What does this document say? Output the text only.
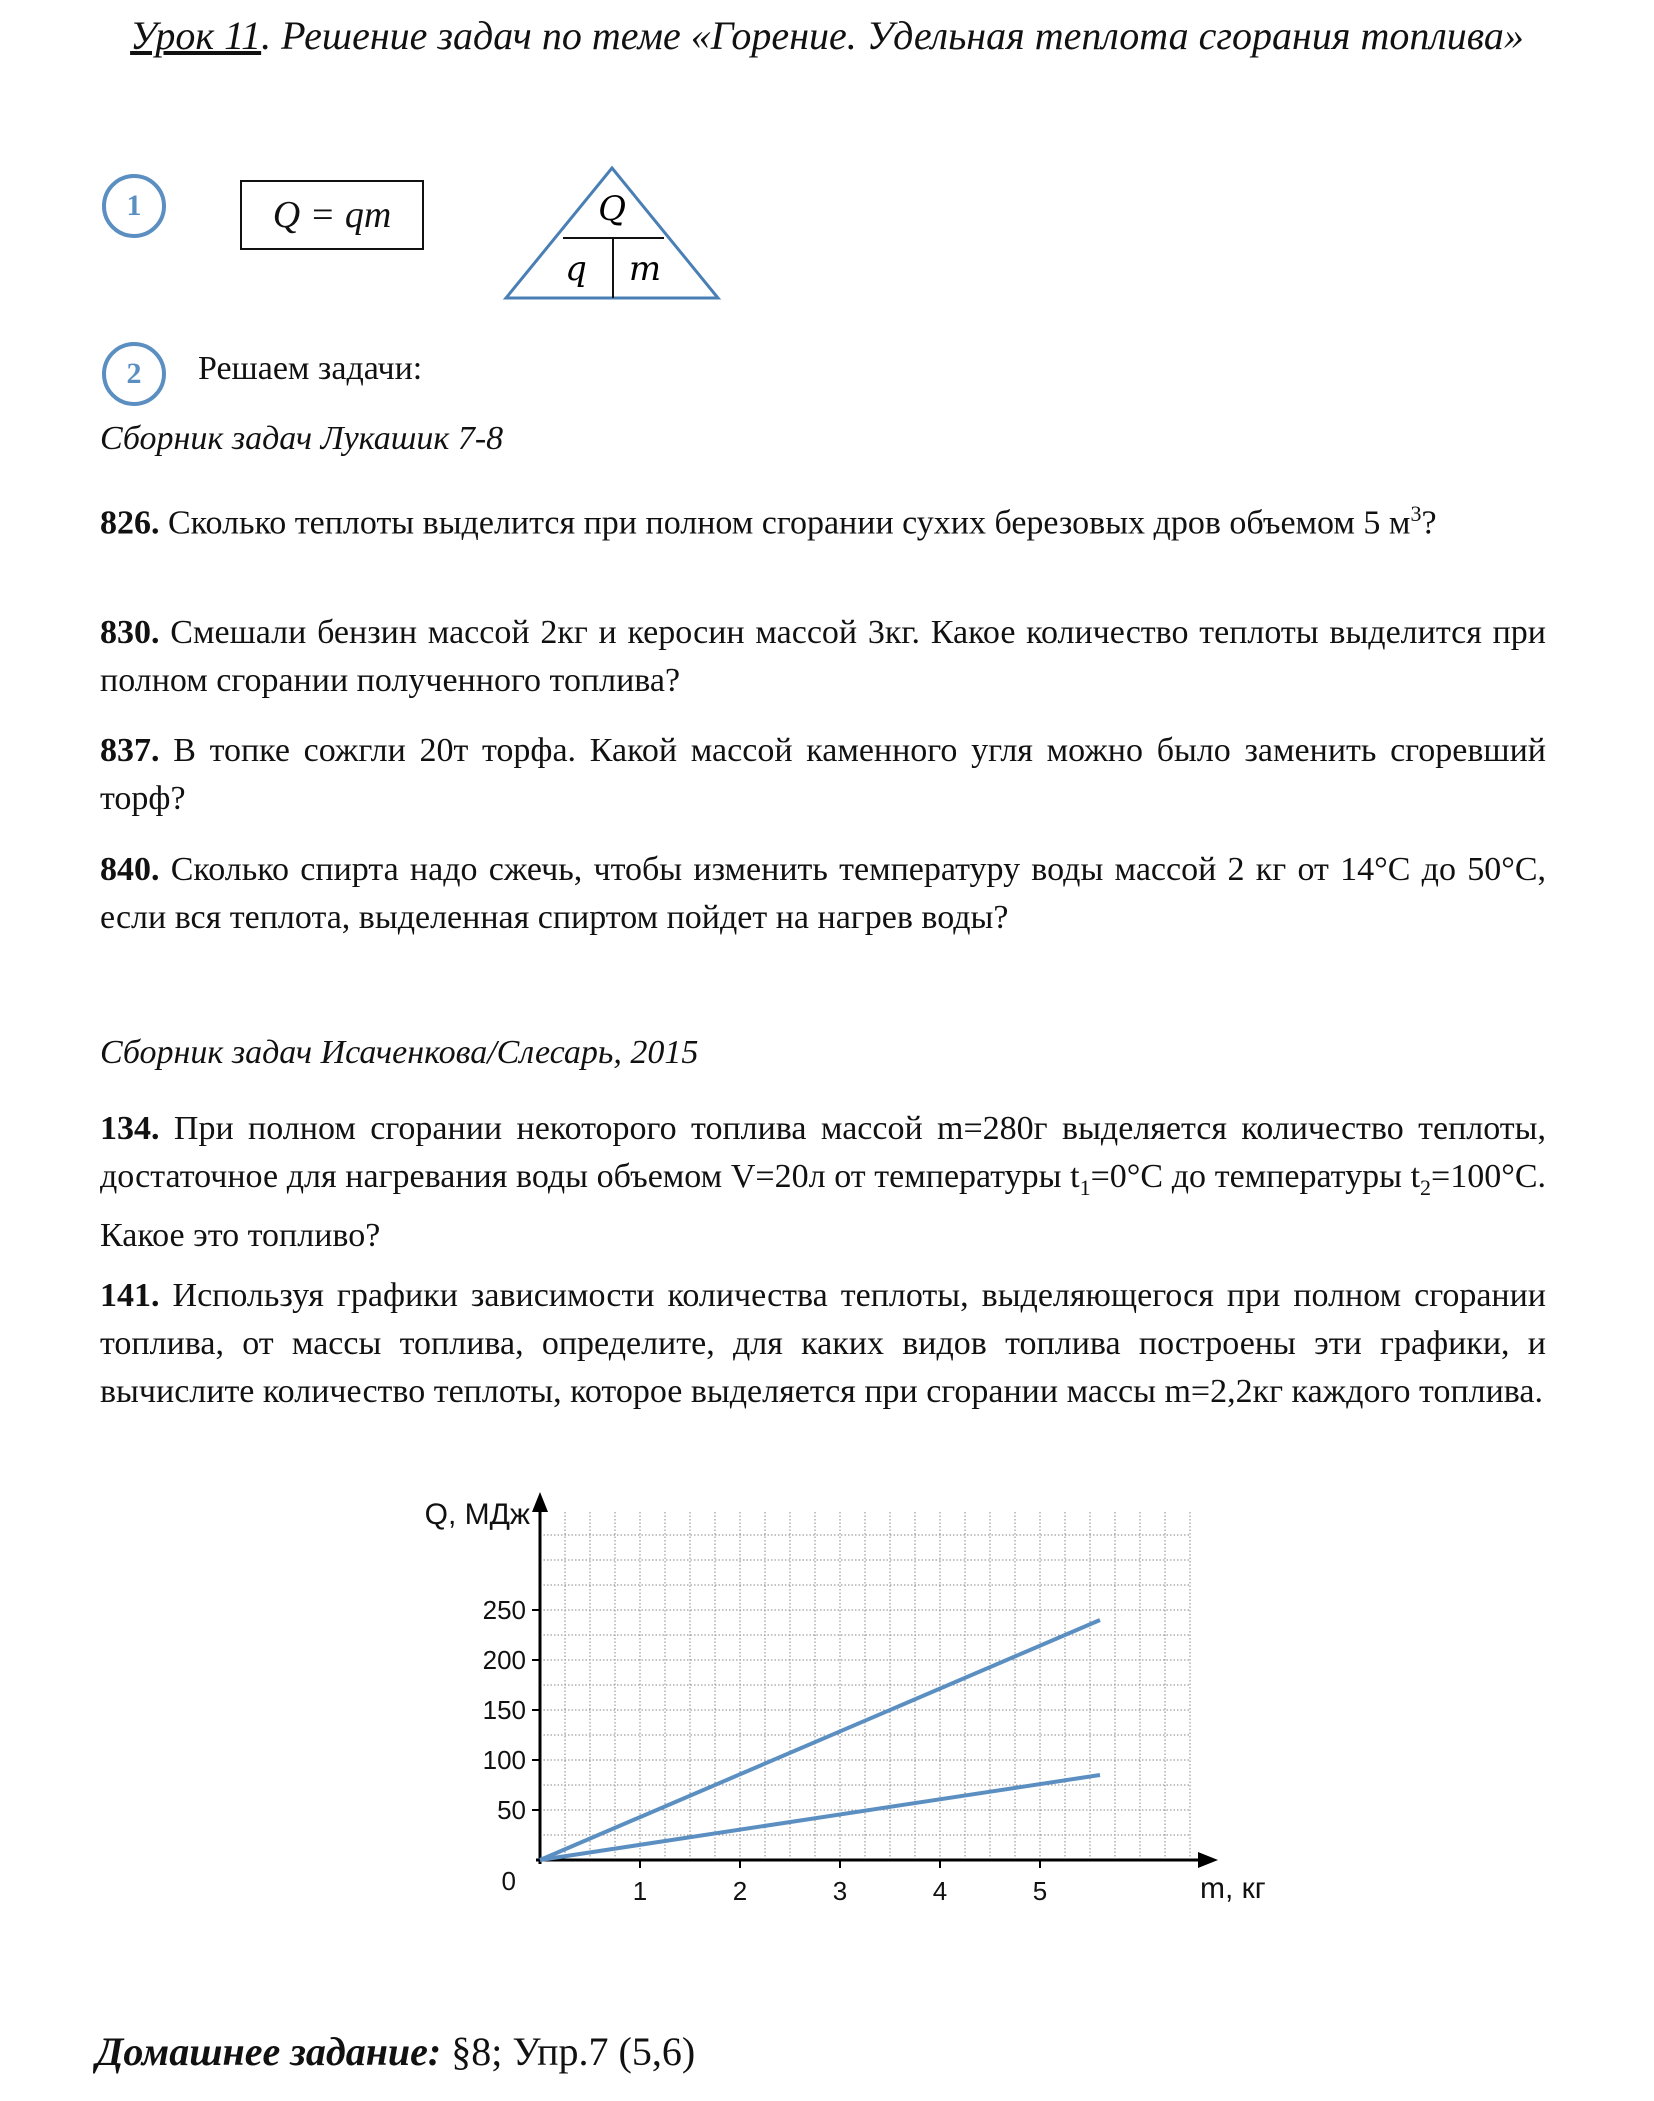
Урок 11. Решение задач по теме «Горение. Удельная теплота сгорания топлива»
1	Q = qm	Q
q m
2 Решаем задачи:
Сборник задач Лукашик 7-8
826. Сколько теплоты выделится при полном сгорании сухих березовых дров объемом 5 $м^3$?
830. Смешали бензин массой 2кг и керосин массой 3кг. Какое количество теплоты выделится при полном сгорании полученного топлива?
837. В топке сожгли 20т торфа. Какой массой каменного угля можно было заменить сгоревший торф?
840. Сколько спирта надо сжечь, чтобы изменить температуру воды массой 2 кг от 14°С до 50°С, если вся теплота, выделенная спиртом пойдет на нагрев воды?
Сборник задач Исаченкова/Слесарь, 2015
134. При полном сгорании некоторого топлива массой m=280г выделяется количество теплоты, достаточное для нагревания воды объемом V=20л от температуры $t_1=0^\circ С$ до температуры $t_2=100^\circ С$. Какое это топливо?
141. Используя графики зависимости количества теплоты, выделяющегося при полном сгорании топлива, от массы топлива, определите, для каких видов топлива построены эти графики, и вычислите количество теплоты, которое выделяется при сгорании массы m=2,2кг каждого топлива.
50
100
150
200
250
1	2	3	4	5
0
Q, МДж
m, кг
Домашнее задание: §8; Упр.7 (5,6)
